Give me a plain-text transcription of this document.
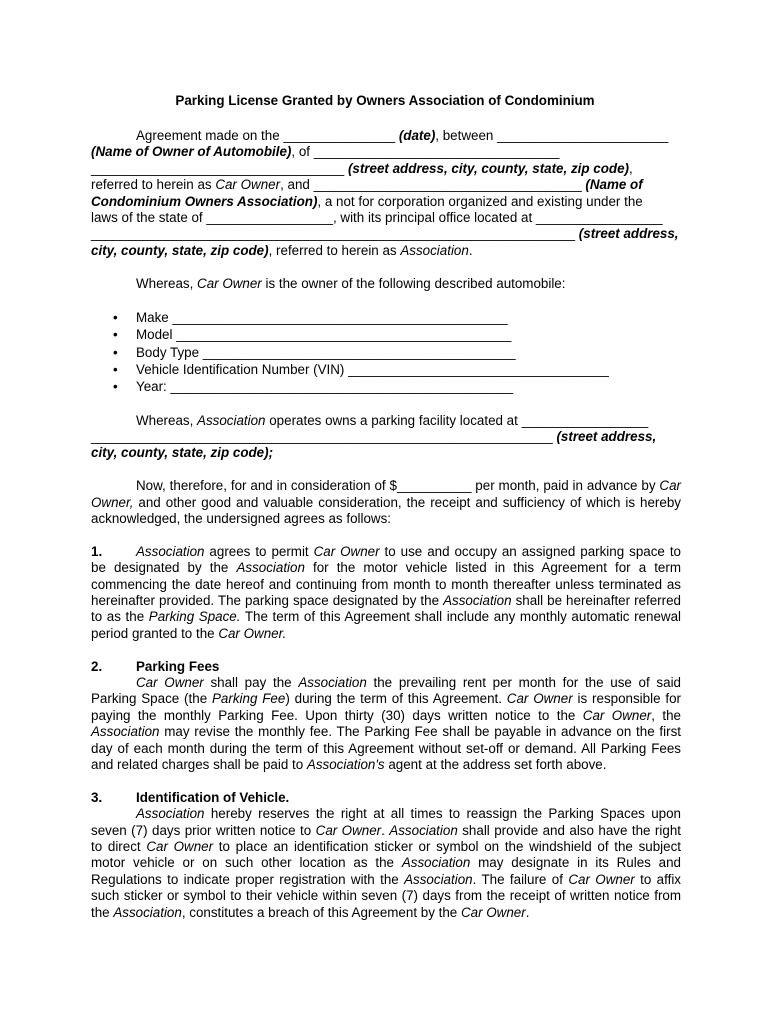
Parking License Granted by Owners Association of Condominium
Agreement made on the _______________ (date), between _______________________
(Name of Owner of Automobile), of _________________________________
__________________________________ (street address, city, county, state, zip code),
referred to herein as Car Owner, and ____________________________________ (Name of
Condominium Owners Association), a not for corporation organized and existing under the
laws of the state of _________________, with its principal office located at _________________
_________________________________________________________________ (street address,
city, county, state, zip code), referred to herein as Association.
Whereas, Car Owner is the owner of the following described automobile:
• Make _____________________________________________
• Model _____________________________________________
• Body Type __________________________________________
• Vehicle Identification Number (VIN) ___________________________________
• Year: ______________________________________________
Whereas, Association operates owns a parking facility located at _________________
______________________________________________________________ (street address,
city, county, state, zip code);
Now, therefore, for and in consideration of $__________ per month, paid in advance by Car Owner, and other good and valuable consideration, the receipt and sufficiency of which is hereby acknowledged, the undersigned agrees as follows:
1.	Association agrees to permit Car Owner to use and occupy an assigned parking space to be designated by the Association for the motor vehicle listed in this Agreement for a term commencing the date hereof and continuing from month to month thereafter unless terminated as hereinafter provided. The parking space designated by the Association shall be hereinafter referred to as the Parking Space. The term of this Agreement shall include any monthly automatic renewal period granted to the Car Owner.
2.	Parking Fees
Car Owner shall pay the Association the prevailing rent per month for the use of said Parking Space (the Parking Fee) during the term of this Agreement. Car Owner is responsible for paying the monthly Parking Fee. Upon thirty (30) days written notice to the Car Owner, the Association may revise the monthly fee. The Parking Fee shall be payable in advance on the first day of each month during the term of this Agreement without set-off or demand. All Parking Fees and related charges shall be paid to Association's agent at the address set forth above.
3.	Identification of Vehicle.
Association hereby reserves the right at all times to reassign the Parking Spaces upon seven (7) days prior written notice to Car Owner. Association shall provide and also have the right to direct Car Owner to place an identification sticker or symbol on the windshield of the subject motor vehicle or on such other location as the Association may designate in its Rules and Regulations to indicate proper registration with the Association. The failure of Car Owner to affix such sticker or symbol to their vehicle within seven (7) days from the receipt of written notice from the Association, constitutes a breach of this Agreement by the Car Owner.
